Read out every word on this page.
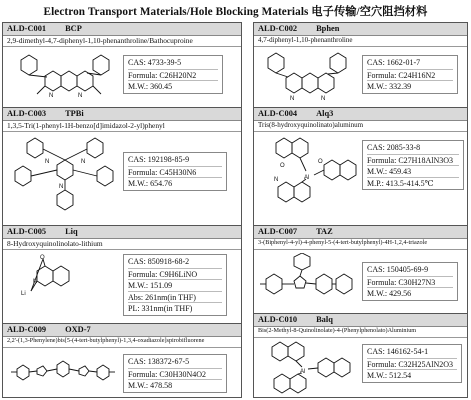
Electron Transport Materials/Hole Blocking Materials 电子传输/空穴阻挡材料
ALD-C001 BCP
2,9-dimethyl-4,7-diphenyl-1,10-phenanthroline/Bathocuproine
N	N
CAS: 4733-39-5
Formula: C26H20N2
M.W.: 360.45
ALD-C003 TPBi
1,3,5-Tri(1-phenyl-1H-benzo[d]imidazol-2-yl)phenyl
N	N
N
CAS: 192198-85-9
Formula: C45H30N6
M.W.: 654.76
ALD-C005 Liq
8-Hydroxyquinolinolato-lithium
O
N
Li
CAS: 850918-68-2
Formula: C9H6LiNO
M.W.: 151.09
Abs: 261nm(in THF)
PL: 331nm(in THF)
ALD-C009 OXD-7
2,2'-(1,3-Phenylene)bis[5-(4-tert-butylphenyl)-1,3,4-oxadiazole]spirobifluorene
CAS: 138372-67-5
Formula: C30H30N4O2
M.W.: 478.58
ALD-C002 Bphen
4,7-diphenyl-1,10-phenanthroline
N	N
CAS: 1662-01-7
Formula: C24H16N2
M.W.: 332.39
ALD-C004 Alq3
Tris(8-hydroxyquinolinato)aluminum
Al
O
O
N
CAS: 2085-33-8
Formula: C27H18AlN3O3
M.W.: 459.43
M.P.: 413.5-414.5℃
ALD-C007 TAZ
3-(Biphenyl-4-yl)-4-phenyl-5-(4-tert-butylphenyl)-4H-1,2,4-triazole
CAS: 150405-69-9
Formula: C30H27N3
M.W.: 429.56
ALD-C010 Balq
Bis(2-Methyl-8-Quinolinolate)-4-(Phenylphenolato)Aluminium
Al
CAS: 146162-54-1
Formula: C32H25AlN2O3
M.W.: 512.54
